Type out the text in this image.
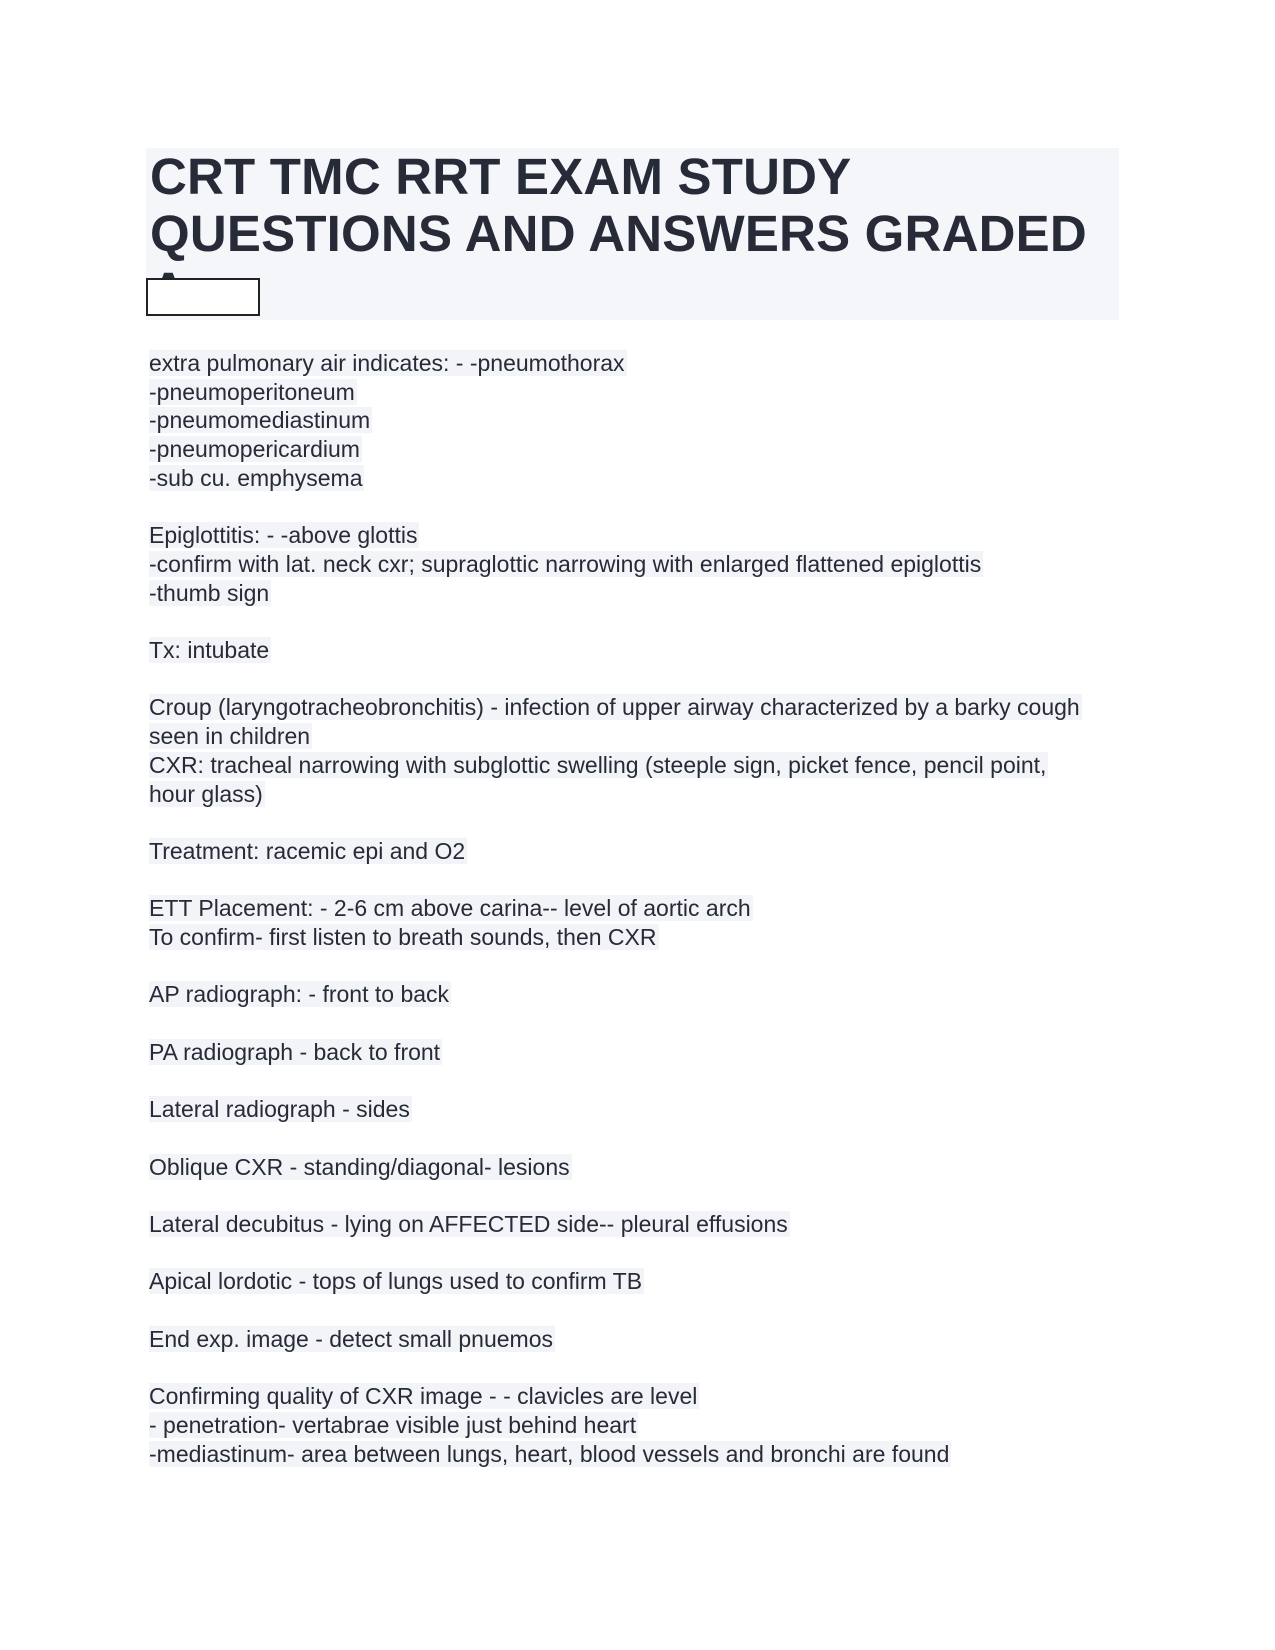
CRT TMC RRT EXAM STUDY
QUESTIONS AND ANSWERS GRADED
extra pulmonary air indicates: - -pneumothorax
-pneumoperitoneum
-pneumomediastinum
-pneumopericardium
-sub cu. emphysema
Epiglottitis: - -above glottis
-confirm with lat. neck cxr; supraglottic narrowing with enlarged flattened epiglottis
-thumb sign
Tx: intubate
Croup (laryngotracheobronchitis) - infection of upper airway characterized by a barky cough seen in children
CXR: tracheal narrowing with subglottic swelling (steeple sign, picket fence, pencil point, hour glass)
Treatment: racemic epi and O2
ETT Placement: - 2-6 cm above carina-- level of aortic arch
To confirm- first listen to breath sounds, then CXR
AP radiograph: - front to back
PA radiograph - back to front
Lateral radiograph - sides
Oblique CXR - standing/diagonal- lesions
Lateral decubitus - lying on AFFECTED side-- pleural effusions
Apical lordotic - tops of lungs used to confirm TB
End exp. image - detect small pnuemos
Confirming quality of CXR image - - clavicles are level
- penetration- vertabrae visible just behind heart
-mediastinum- area between lungs, heart, blood vessels and bronchi are found
